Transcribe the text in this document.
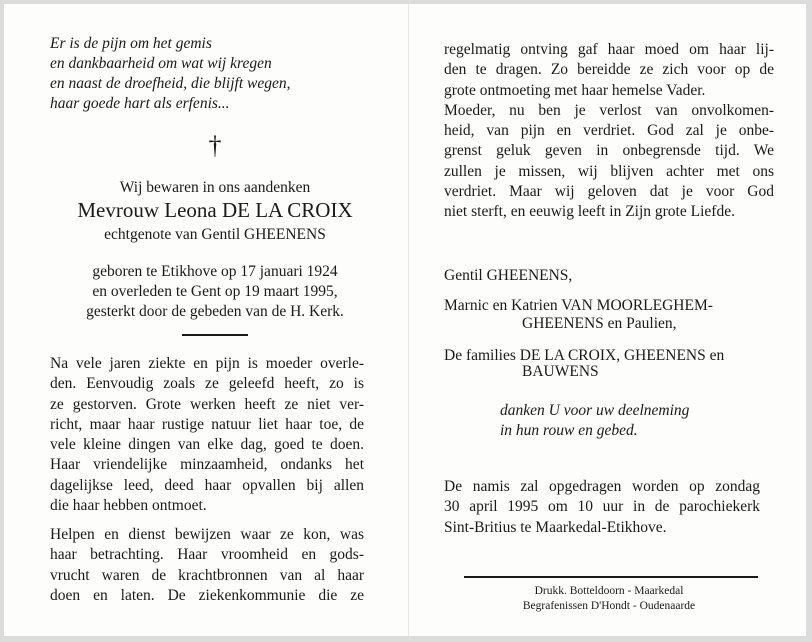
Er is de pijn om het gemis
en dankbaarheid om wat wij kregen
en naast de droefheid, die blijft wegen,
haar goede hart als erfenis...
†
Wij bewaren in ons aandenken
Mevrouw Leona DE LA CROIX
echtgenote van Gentil GHEENENS
geboren te Etikhove op 17 januari 1924
en overleden te Gent op 19 maart 1995,
gesterkt door de gebeden van de H. Kerk.
Na vele jaren ziekte en pijn is moeder overle-
den. Eenvoudig zoals ze geleefd heeft, zo is
ze gestorven. Grote werken heeft ze niet ver-
richt, maar haar rustige natuur liet haar toe, de
vele kleine dingen van elke dag, goed te doen.
Haar vriendelijke minzaamheid, ondanks het
dagelijkse leed, deed haar opvallen bij allen
die haar hebben ontmoet.
Helpen en dienst bewijzen waar ze kon, was
haar betrachting. Haar vroomheid en gods-
vrucht waren de krachtbronnen van al haar
doen en laten. De ziekenkommunie die ze
regelmatig ontving gaf haar moed om haar lij-
den te dragen. Zo bereidde ze zich voor op de
grote ontmoeting met haar hemelse Vader.
Moeder, nu ben je verlost van onvolkomen-
heid, van pijn en verdriet. God zal je onbe-
grenst geluk geven in onbegrensde tijd. We
zullen je missen, wij blijven achter met ons
verdriet. Maar wij geloven dat je voor God
niet sterft, en eeuwig leeft in Zijn grote Liefde.
Gentil GHEENENS,
Marnic en Katrien VAN MOORLEGHEM-
GHEENENS en Paulien,
De families DE LA CROIX, GHEENENS en
BAUWENS
danken U voor uw deelneming
in hun rouw en gebed.
De namis zal opgedragen worden op zondag
30 april 1995 om 10 uur in de parochiekerk
Sint-Britius te Maarkedal-Etikhove.
Drukk. Botteldoorn - Maarkedal
Begrafenissen D'Hondt - Oudenaarde
